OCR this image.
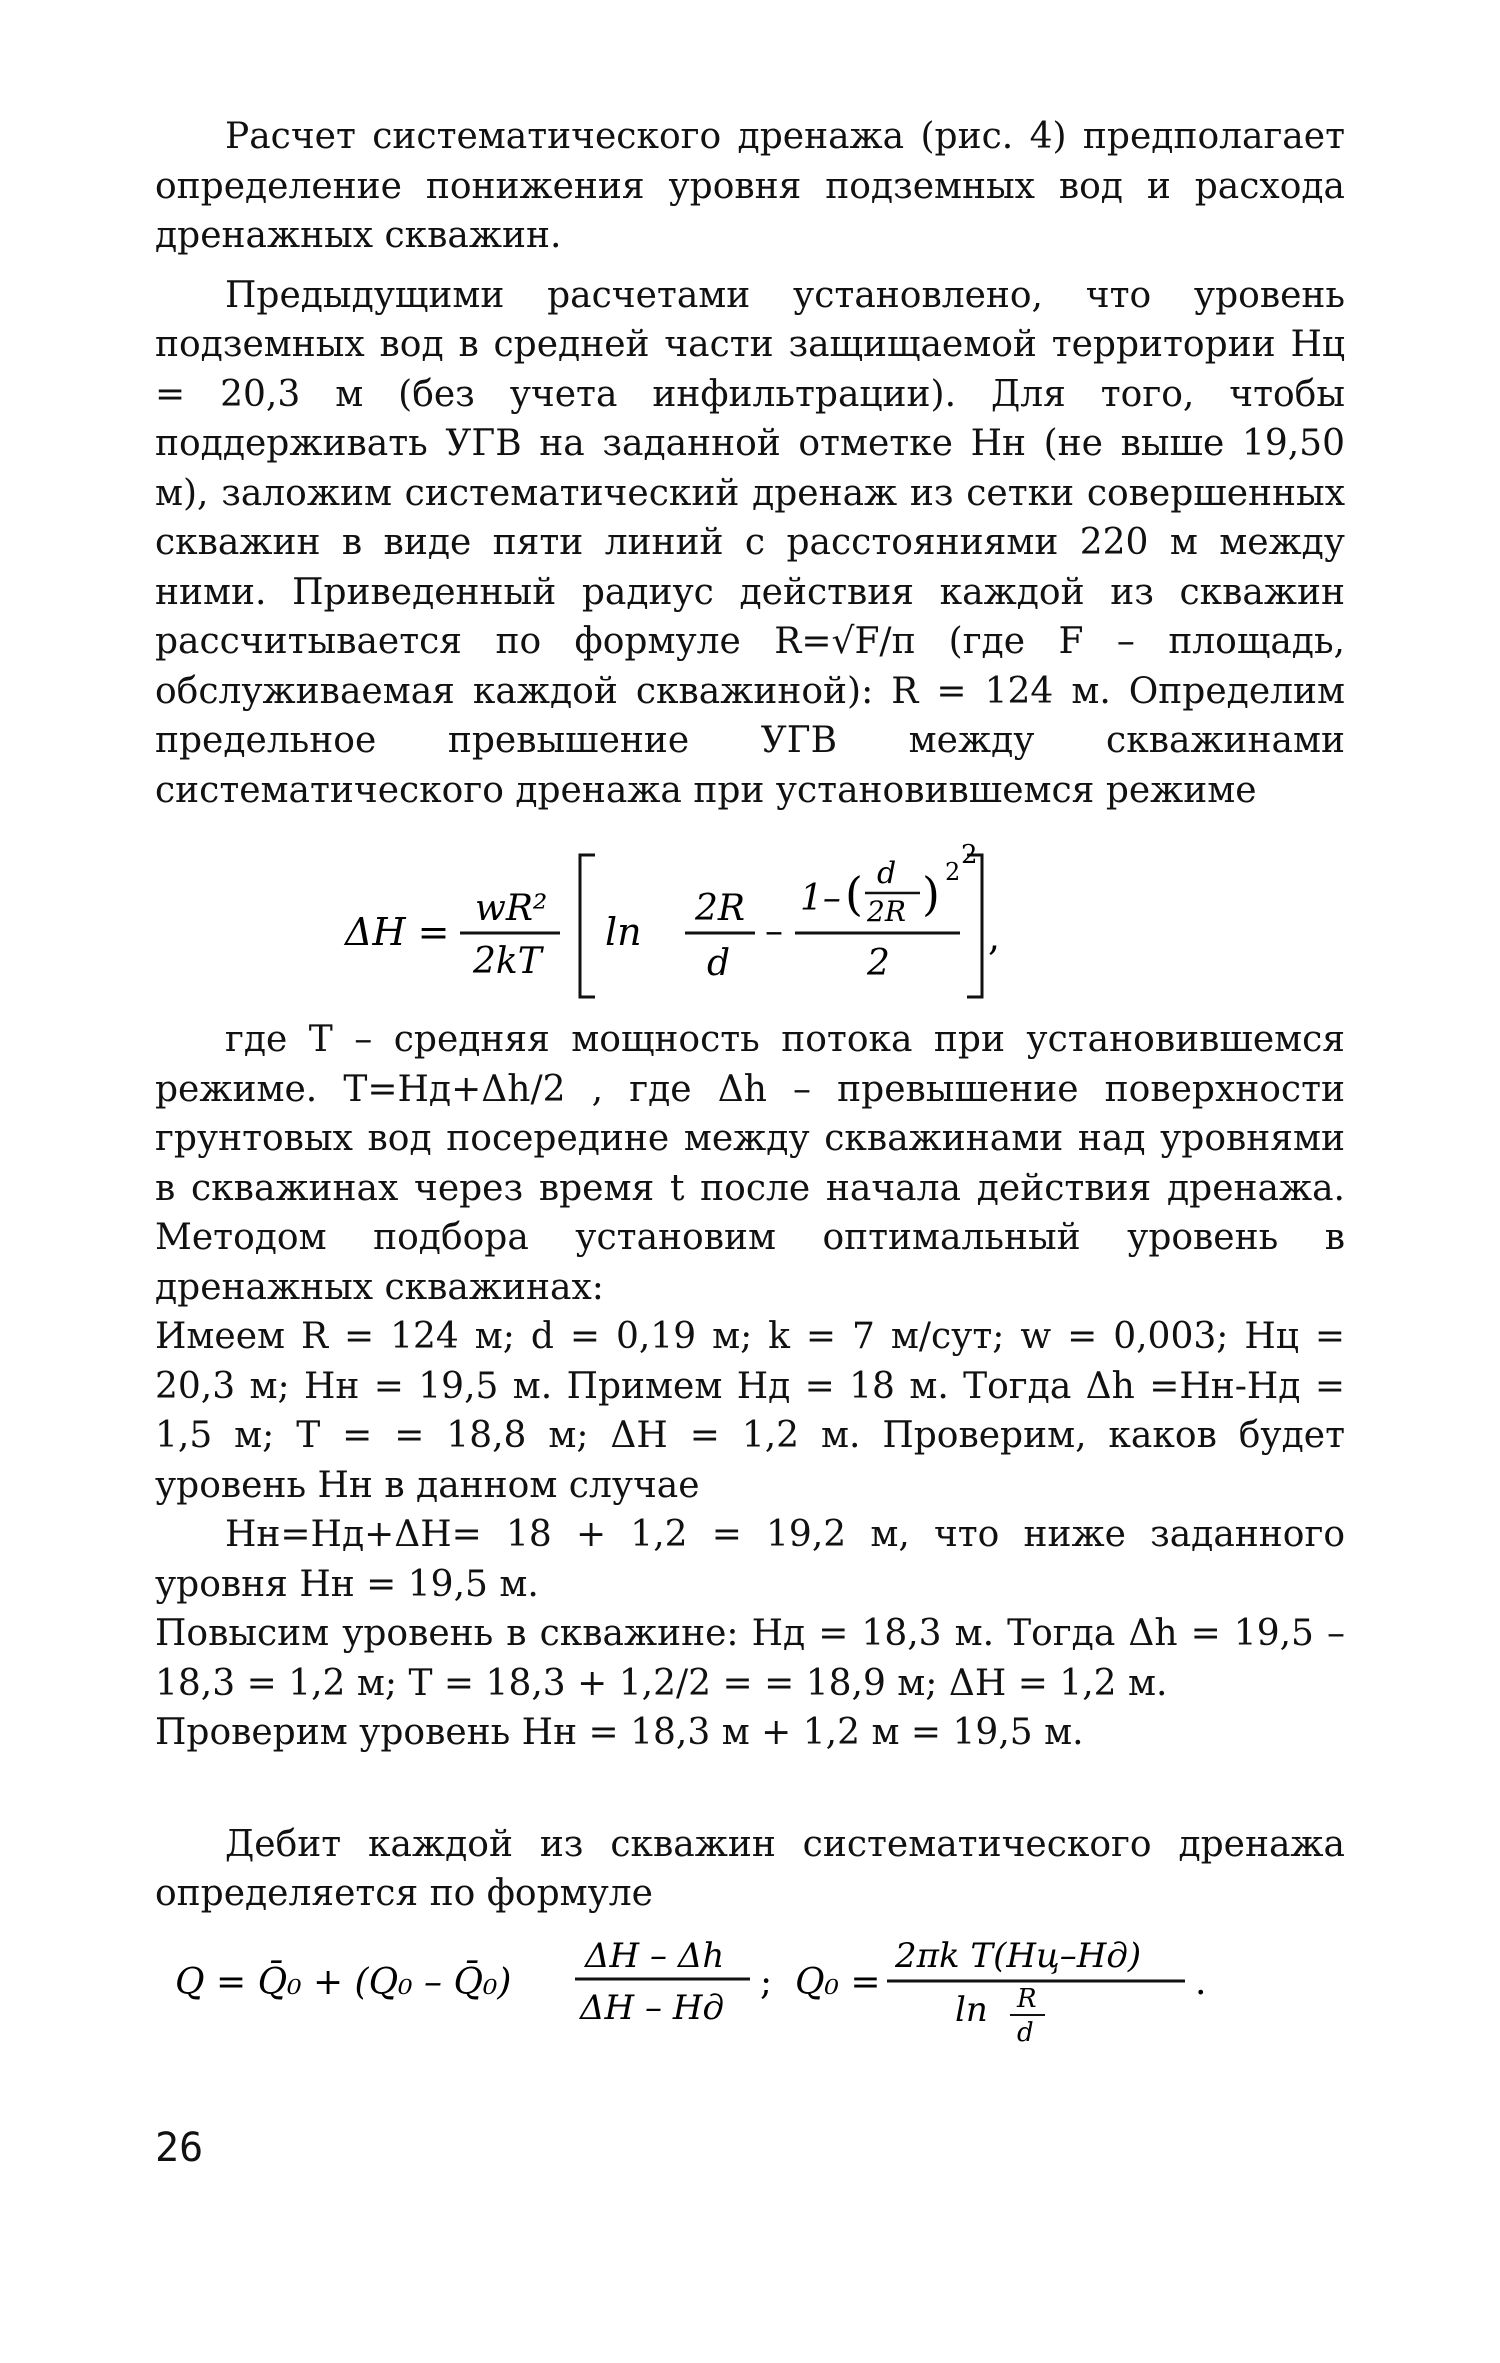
Расчет систематического дренажа (рис. 4) предполагает определение понижения уровня подземных вод и расхода дренажных скважин.

Предыдущими расчетами установлено, что уровень подземных вод в средней части защищаемой территории Hц = 20,3 м (без учета инфильтрации). Для того, чтобы поддерживать УГВ на заданной отметке Hн (не выше 19,50 м), заложим систематический дренаж из сетки совершенных скважин в виде пяти линий с расстояниями 220 м между ними. Приведенный радиус действия каждой из скважин рассчитывается по формуле R=√F/π (где F – площадь, обслуживаемая каждой скважиной): R = 124 м. Определим предельное превышение УГВ между скважинами систематического дренажа при установившемся режиме

ΔH =
wR²
2kT
ln
2R
d
–
1– ( d
2R ) 2
2
2
,

где T – средняя мощность потока при установившемся режиме. T=Hд+Δh/2 , где Δh – превышение поверхности грунтовых вод посередине между скважинами над уровнями в скважинах через время t после начала действия дренажа. Методом подбора установим оптимальный уровень в дренажных скважинах:

Имеем R = 124 м; d = 0,19 м; k = 7 м/сут; w = 0,003; Hц = 20,3 м; Hн = 19,5 м. Примем Hд = 18 м. Тогда Δh =Hн-Hд = 1,5 м; T = = 18,8 м; ΔH = 1,2 м. Проверим, каков будет уровень Hн в данном случае

Hн=Hд+ΔH= 18 + 1,2 = 19,2 м, что ниже заданного уровня Hн = 19,5 м.

Повысим уровень в скважине: Hд = 18,3 м. Тогда Δh = 19,5 – 18,3 = 1,2 м; T = 18,3 + 1,2/2 = = 18,9 м; ΔH = 1,2 м.

Проверим уровень Hн = 18,3 м + 1,2 м = 19,5 м.

Дебит каждой из скважин систематического дренажа определяется по формуле

Q = Q̄₀ + (Q₀ – Q̄₀)
ΔH – Δh
ΔH – Hд
; Q₀ =
2πk T(Hц–Hд)
ln R
d
.
26
